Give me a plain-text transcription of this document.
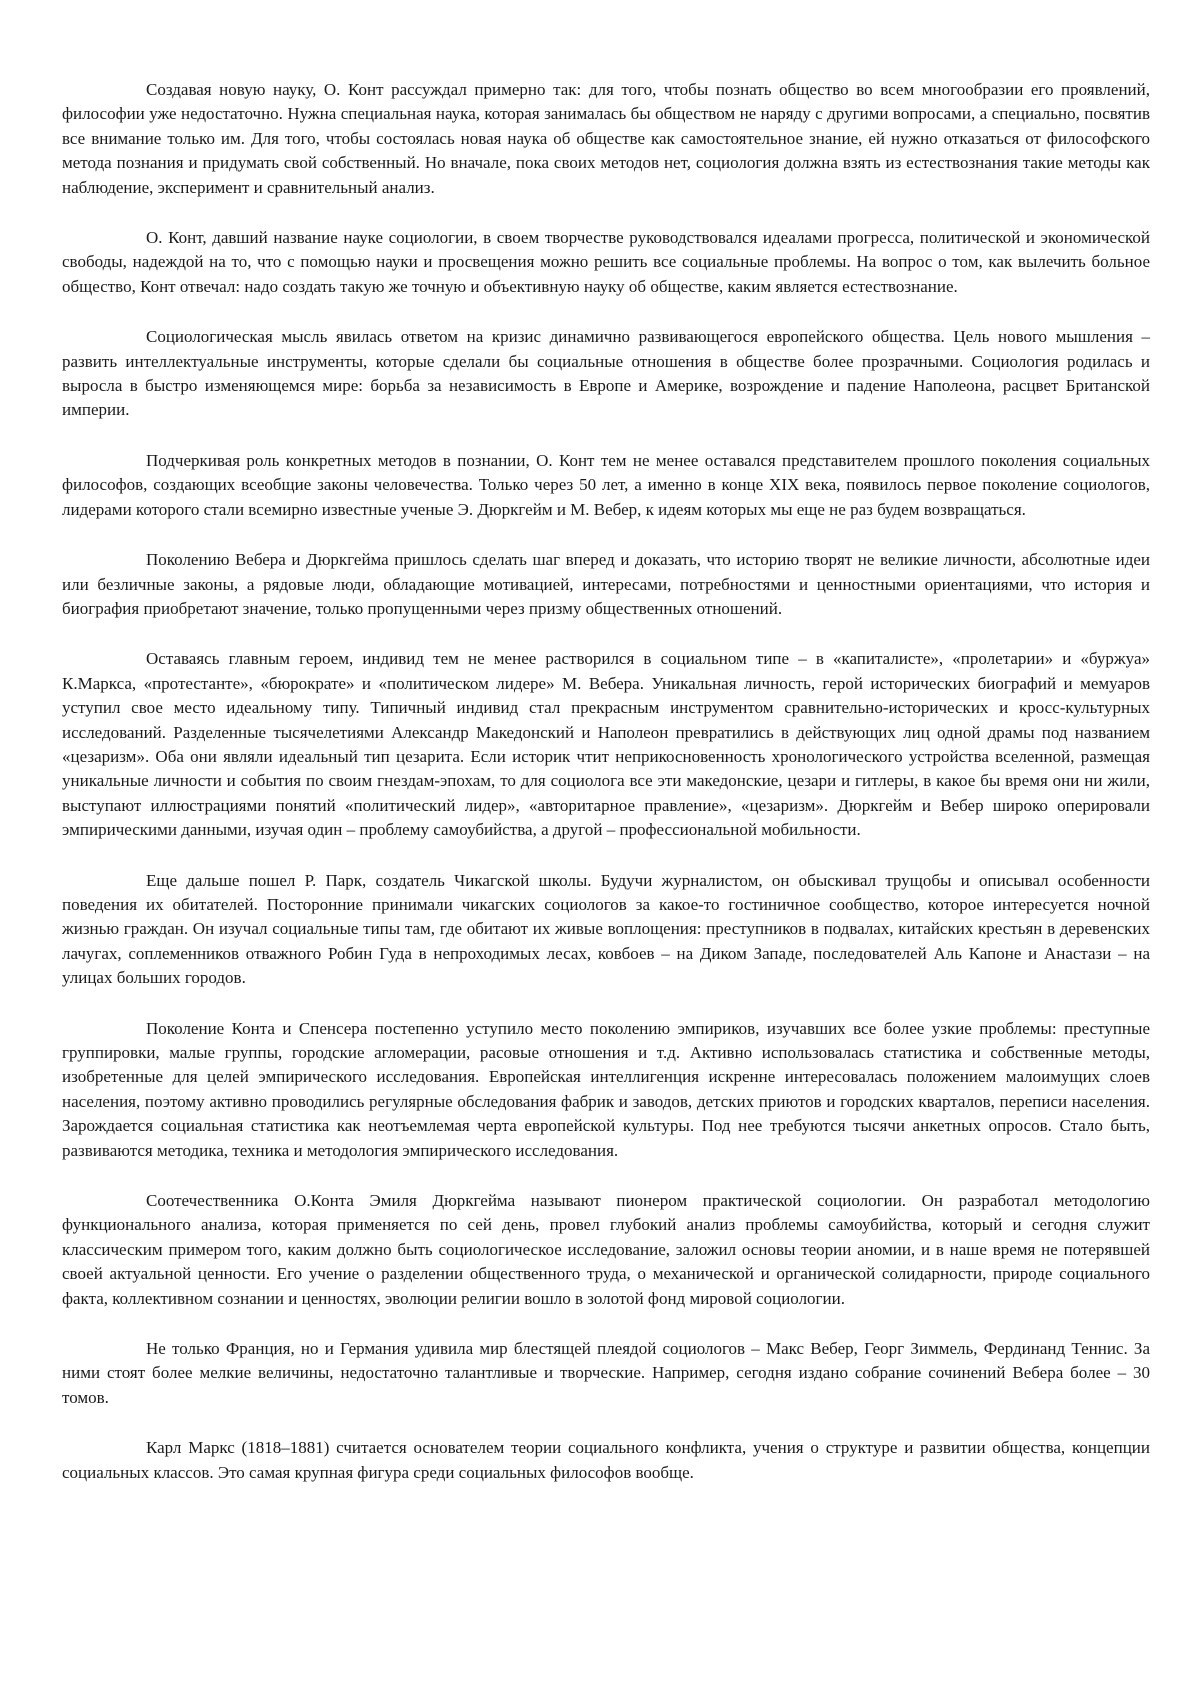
Создавая новую науку, О. Конт рассуждал примерно так: для того, чтобы познать общество во всем многообразии его проявлений, философии уже недостаточно. Нужна специальная наука, которая занималась бы обществом не наряду с другими вопросами, а специально, посвятив все внимание только им. Для того, чтобы состоялась новая наука об обществе как самостоятельное знание, ей нужно отказаться от философского метода познания и придумать свой собственный. Но вначале, пока своих методов нет, социология должна взять из естествознания такие методы как наблюдение, эксперимент и сравнительный анализ.

О. Конт, давший название науке социологии, в своем творчестве руководствовался идеалами прогресса, политической и экономической свободы, надеждой на то, что с помощью науки и просвещения можно решить все социальные проблемы. На вопрос о том, как вылечить больное общество, Конт отвечал: надо создать такую же точную и объективную науку об обществе, каким является естествознание.

Социологическая мысль явилась ответом на кризис динамично развивающегося европейского общества. Цель нового мышления – развить интеллектуальные инструменты, которые сделали бы социальные отношения в обществе более прозрачными. Социология родилась и выросла в быстро изменяющемся мире: борьба за независимость в Европе и Америке, возрождение и падение Наполеона, расцвет Британской империи.

Подчеркивая роль конкретных методов в познании, О. Конт тем не менее оставался представителем прошлого поколения социальных философов, создающих всеобщие законы человечества. Только через 50 лет, а именно в конце XIX века, появилось первое поколение социологов, лидерами которого стали всемирно известные ученые Э. Дюркгейм и М. Вебер, к идеям которых мы еще не раз будем возвращаться.

Поколению Вебера и Дюркгейма пришлось сделать шаг вперед и доказать, что историю творят не великие личности, абсолютные идеи или безличные законы, а рядовые люди, обладающие мотивацией, интересами, потребностями и ценностными ориентациями, что история и биография приобретают значение, только пропущенными через призму общественных отношений.

Оставаясь главным героем, индивид тем не менее растворился в социальном типе – в «капиталисте», «пролетарии» и «буржуа» К.Маркса, «протестанте», «бюрократе» и «политическом лидере» М. Вебера. Уникальная личность, герой исторических биографий и мемуаров уступил свое место идеальному типу. Типичный индивид стал прекрасным инструментом сравнительно-исторических и кросс-культурных исследований. Разделенные тысячелетиями Александр Македонский и Наполеон превратились в действующих лиц одной драмы под названием «цезаризм». Оба они являли идеальный тип цезарита. Если историк чтит неприкосновенность хронологического устройства вселенной, размещая уникальные личности и события по своим гнездам-эпохам, то для социолога все эти македонские, цезари и гитлеры, в какое бы время они ни жили, выступают иллюстрациями понятий «политический лидер», «авторитарное правление», «цезаризм». Дюркгейм и Вебер широко оперировали эмпирическими данными, изучая один – проблему самоубийства, а другой – профессиональной мобильности.

Еще дальше пошел Р. Парк, создатель Чикагской школы. Будучи журналистом, он обыскивал трущобы и описывал особенности поведения их обитателей. Посторонние принимали чикагских социологов за какое-то гостиничное сообщество, которое интересуется ночной жизнью граждан. Он изучал социальные типы там, где обитают их живые воплощения: преступников в подвалах, китайских крестьян в деревенских лачугах, соплеменников отважного Робин Гуда в непроходимых лесах, ковбоев – на Диком Западе, последователей Аль Капоне и Анастази – на улицах больших городов.

Поколение Конта и Спенсера постепенно уступило место поколению эмпириков, изучавших все более узкие проблемы: преступные группировки, малые группы, городские агломерации, расовые отношения и т.д. Активно использовалась статистика и собственные методы, изобретенные для целей эмпирического исследования. Европейская интеллигенция искренне интересовалась положением малоимущих слоев населения, поэтому активно проводились регулярные обследования фабрик и заводов, детских приютов и городских кварталов, переписи населения. Зарождается социальная статистика как неотъемлемая черта европейской культуры. Под нее требуются тысячи анкетных опросов. Стало быть, развиваются методика, техника и методология эмпирического исследования.

Соотечественника О.Конта Эмиля Дюркгейма называют пионером практической социологии. Он разработал методологию функционального анализа, которая применяется по сей день, провел глубокий анализ проблемы самоубийства, который и сегодня служит классическим примером того, каким должно быть социологическое исследование, заложил основы теории аномии, и в наше время не потерявшей своей актуальной ценности. Его учение о разделении общественного труда, о механической и органической солидарности, природе социального факта, коллективном сознании и ценностях, эволюции религии вошло в золотой фонд мировой социологии.

Не только Франция, но и Германия удивила мир блестящей плеядой социологов – Макс Вебер, Георг Зиммель, Фердинанд Теннис. За ними стоят более мелкие величины, недостаточно талантливые и творческие. Например, сегодня издано собрание сочинений Вебера более – 30 томов.

Карл Маркс (1818–1881) считается основателем теории социального конфликта, учения о структуре и развитии общества, концепции социальных классов. Это самая крупная фигура среди социальных философов вообще.
